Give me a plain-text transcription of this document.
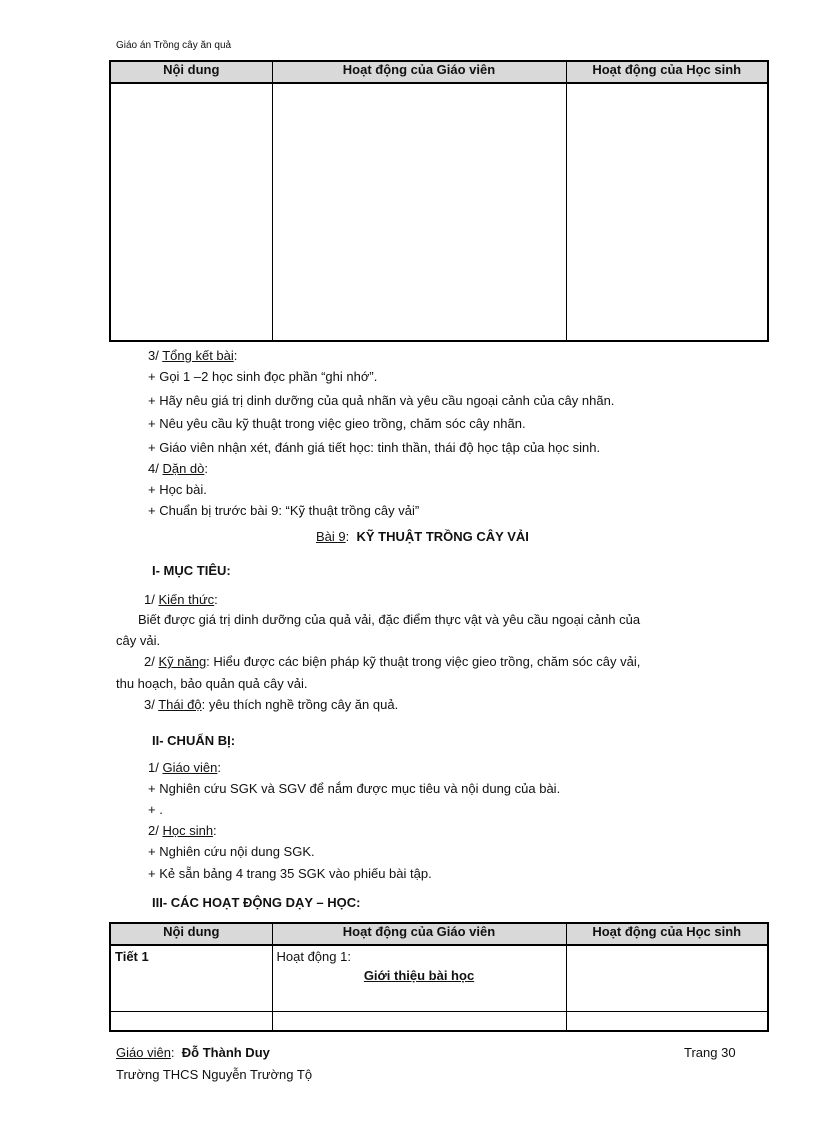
Giáo án Trồng cây ăn quả
Nội dung	Hoạt động của Giáo viên	Hoạt động của Học sinh

3/ Tổng kết bài:
+ Gọi 1 –2 học sinh đọc phần “ghi nhớ”.
+ Hãy nêu giá trị dinh dưỡng của quả nhãn và yêu cầu ngoại cảnh của cây nhãn.
+ Nêu yêu cầu kỹ thuật trong việc gieo trồng, chăm sóc cây nhãn.
+ Giáo viên nhận xét, đánh giá tiết học: tinh thần, thái độ học tập của học sinh.
4/ Dặn dò:
+ Học bài.
+ Chuẩn bị trước bài 9: “Kỹ thuật trồng cây vải”
Bài 9:  KỸ THUẬT TRỒNG CÂY VẢI
I- MỤC TIÊU:
1/ Kiến thức:
Biết được giá trị dinh dưỡng của quả vải, đặc điểm thực vật và yêu cầu ngoại cảnh của
cây vải.
2/ Kỹ năng: Hiểu được các biện pháp kỹ thuật trong việc gieo trồng, chăm sóc cây vải,
thu hoạch, bảo quản quả cây vải.
3/ Thái độ: yêu thích nghề trồng cây ăn quả.
II- CHUẨN BỊ:
1/ Giáo viên:
+ Nghiên cứu SGK và SGV để nắm được mục tiêu và nội dung của bài.
+ .
2/ Học sinh:
+ Nghiên cứu nội dung SGK.
+ Kẻ sẵn bảng 4 trang 35 SGK vào phiếu bài tập.
III- CÁC HOẠT ĐỘNG DẠY – HỌC:
Nội dung	Hoạt động của Giáo viên	Hoạt động của Học sinh
Tiết 1	Hoạt động 1:
Giới thiệu bài học	

Giáo viên:  Đỗ Thành Duy
Trường THCS Nguyễn Trường Tộ
Trang 30
